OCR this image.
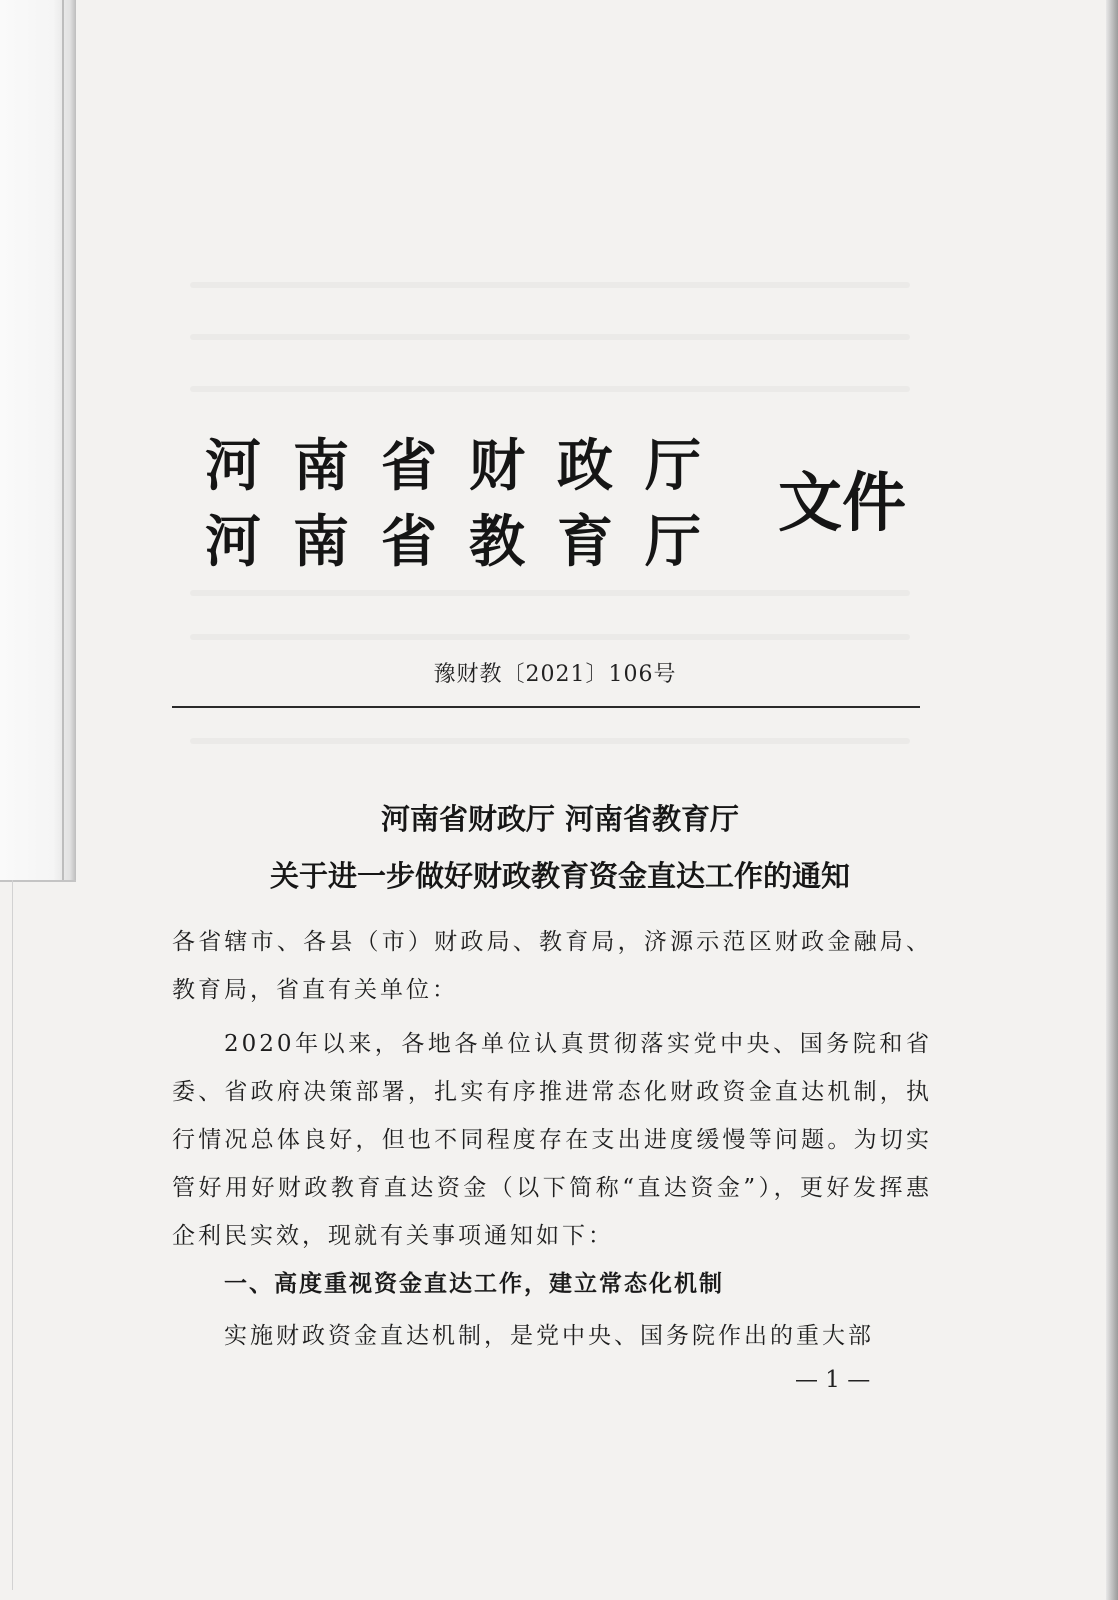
河南省财政厅
河南省教育厅
文件
豫财教〔2021〕106号
河南省财政厅 河南省教育厅
关于进一步做好财政教育资金直达工作的通知
各省辖市、各县（市）财政局、教育局，济源示范区财政金融局、教育局，省直有关单位：
2020年以来，各地各单位认真贯彻落实党中央、国务院和省委、省政府决策部署，扎实有序推进常态化财政资金直达机制，执行情况总体良好，但也不同程度存在支出进度缓慢等问题。为切实管好用好财政教育直达资金（以下简称“直达资金”），更好发挥惠企利民实效，现就有关事项通知如下：
一、高度重视资金直达工作，建立常态化机制
实施财政资金直达机制，是党中央、国务院作出的重大部
— 1 —
